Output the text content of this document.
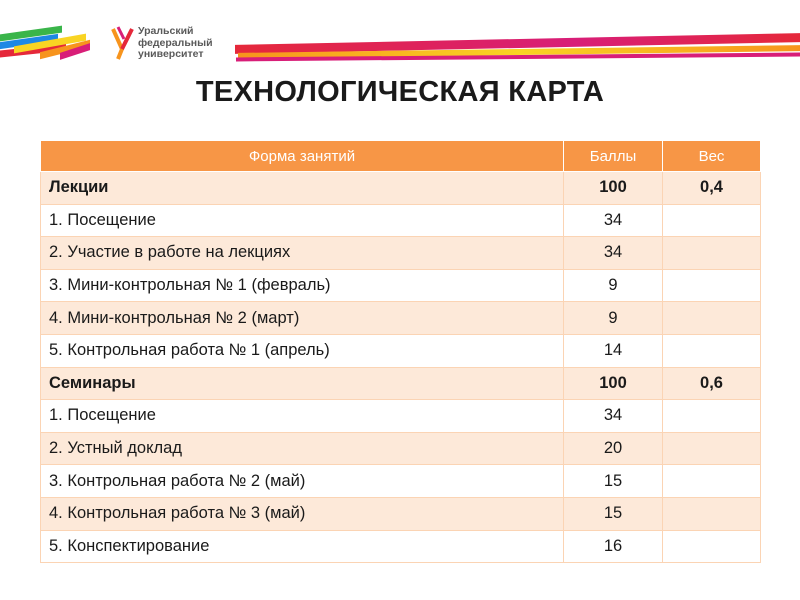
Уральский
федеральный
университет
ТЕХНОЛОГИЧЕСКАЯ КАРТА
Форма занятий	Баллы	Вес
Лекции	100	0,4
1. Посещение	34	
2. Участие в работе на лекциях	34	
3. Мини-контрольная № 1 (февраль)	9	
4. Мини-контрольная № 2 (март)	9	
5. Контрольная работа № 1 (апрель)	14	
Семинары	100	0,6
1. Посещение	34	
2. Устный доклад	20	
3. Контрольная работа № 2 (май)	15	
4. Контрольная работа № 3 (май)	15	
5. Конспектирование	16	
